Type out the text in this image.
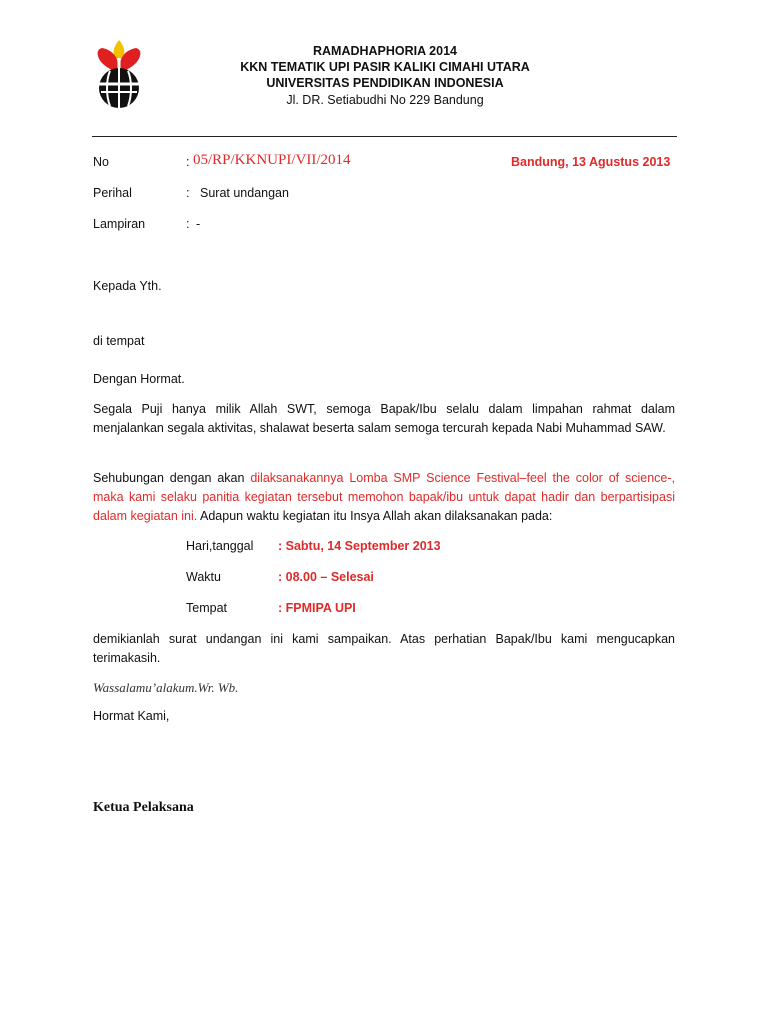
RAMADHAPHORIA 2014
KKN TEMATIK UPI PASIR KALIKI CIMAHI UTARA
UNIVERSITAS PENDIDIKAN INDONESIA
Jl. DR. Setiabudhi No 229 Bandung
No	: 05/RP/KKNUPI/VII/2014	Bandung, 13 Agustus 2013
Perihal	: Surat undangan
Lampiran	: -
Kepada Yth.
di tempat
Dengan Hormat.
Segala Puji hanya milik Allah SWT, semoga Bapak/Ibu selalu dalam limpahan rahmat dalam menjalankan segala aktivitas, shalawat beserta salam semoga tercurah kepada Nabi Muhammad SAW.
Sehubungan dengan akan dilaksanakannya Lomba SMP Science Festival–feel the color of science-, maka kami selaku panitia kegiatan tersebut memohon bapak/ibu untuk dapat hadir dan berpartisipasi dalam kegiatan ini. Adapun waktu kegiatan itu Insya Allah akan dilaksanakan pada:
Hari,tanggal : Sabtu, 14 September 2013
Waktu	: 08.00 – Selesai
Tempat	: FPMIPA UPI
demikianlah surat undangan ini kami sampaikan. Atas perhatian Bapak/Ibu kami mengucapkan terimakasih.
Wassalamu’alakum.Wr. Wb.
Hormat Kami,
Ketua Pelaksana
